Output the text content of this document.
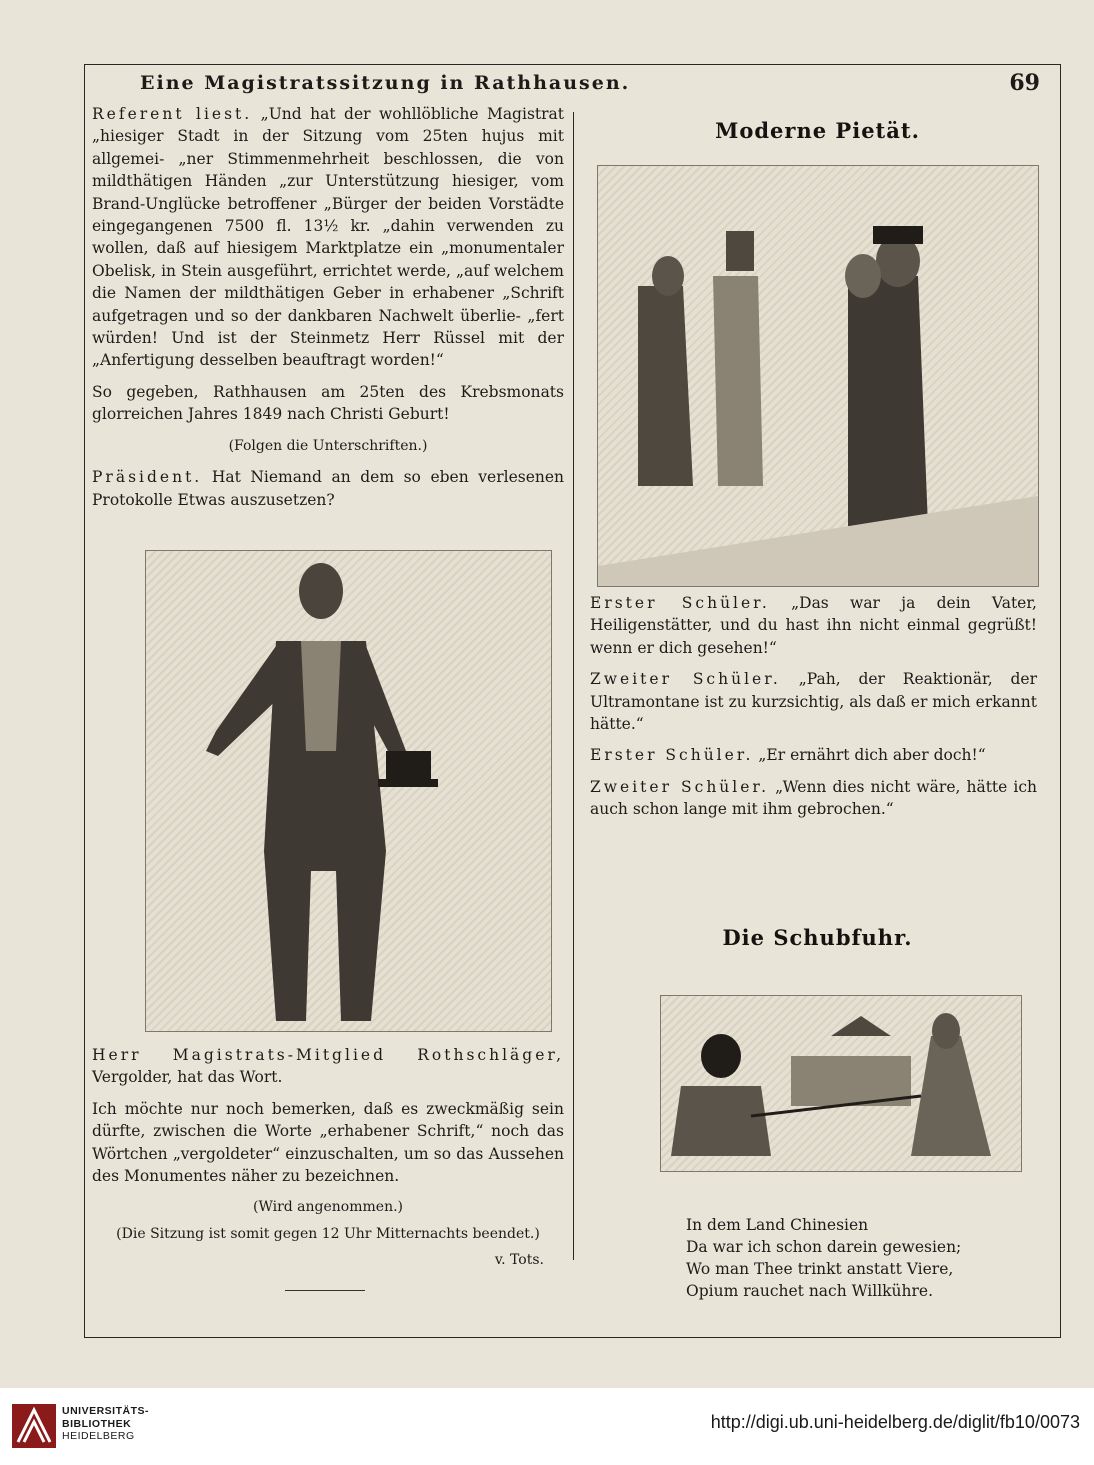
Eine Magistratssitzung in Rathhausen.	69

Referent liest. „Und hat der wohllöbliche Magistrat „hiesiger Stadt in der Sitzung vom 25ten hujus mit allgemei- „ner Stimmenmehrheit beschlossen, die von mildthätigen Händen „zur Unterstützung hiesiger, vom Brand-Unglücke betroffener „Bürger der beiden Vorstädte eingegangenen 7500 fl. 13½ kr. „dahin verwenden zu wollen, daß auf hiesigem Marktplatze ein „monumentaler Obelisk, in Stein ausgeführt, errichtet werde, „auf welchem die Namen der mildthätigen Geber in erhabener „Schrift aufgetragen und so der dankbaren Nachwelt überlie- „fert würden! Und ist der Steinmetz Herr Rüssel mit der „Anfertigung desselben beauftragt worden!“

So gegeben, Rathhausen am 25ten des Krebsmonats glorreichen Jahres 1849 nach Christi Geburt!

(Folgen die Unterschriften.)

Präsident. Hat Niemand an dem so eben verlesenen Protokolle Etwas auszusetzen?

Herr Magistrats-Mitglied Rothschläger, Vergolder, hat das Wort.

Ich möchte nur noch bemerken, daß es zweckmäßig sein dürfte, zwischen die Worte „erhabener Schrift,“ noch das Wörtchen „vergoldeter“ einzuschalten, um so das Aussehen des Monumentes näher zu bezeichnen.

(Wird angenommen.)

(Die Sitzung ist somit gegen 12 Uhr Mitternachts beendet.)

v. Tots.

Moderne Pietät.

Erster Schüler. „Das war ja dein Vater, Heiligenstätter, und du hast ihn nicht einmal gegrüßt! wenn er dich gesehen!“

Zweiter Schüler. „Pah, der Reaktionär, der Ultramontane ist zu kurzsichtig, als daß er mich erkannt hätte.“

Erster Schüler. „Er ernährt dich aber doch!“

Zweiter Schüler. „Wenn dies nicht wäre, hätte ich auch schon lange mit ihm gebrochen.“

Die Schubfuhr.
In dem Land Chinesien
Da war ich schon darein gewesien;
Wo man Thee trinkt anstatt Viere,
Opium rauchet nach Willkühre.
UNIVERSITÄTS-
BIBLIOTHEK
HEIDELBERG
http://digi.ub.uni-heidelberg.de/diglit/fb10/0073
